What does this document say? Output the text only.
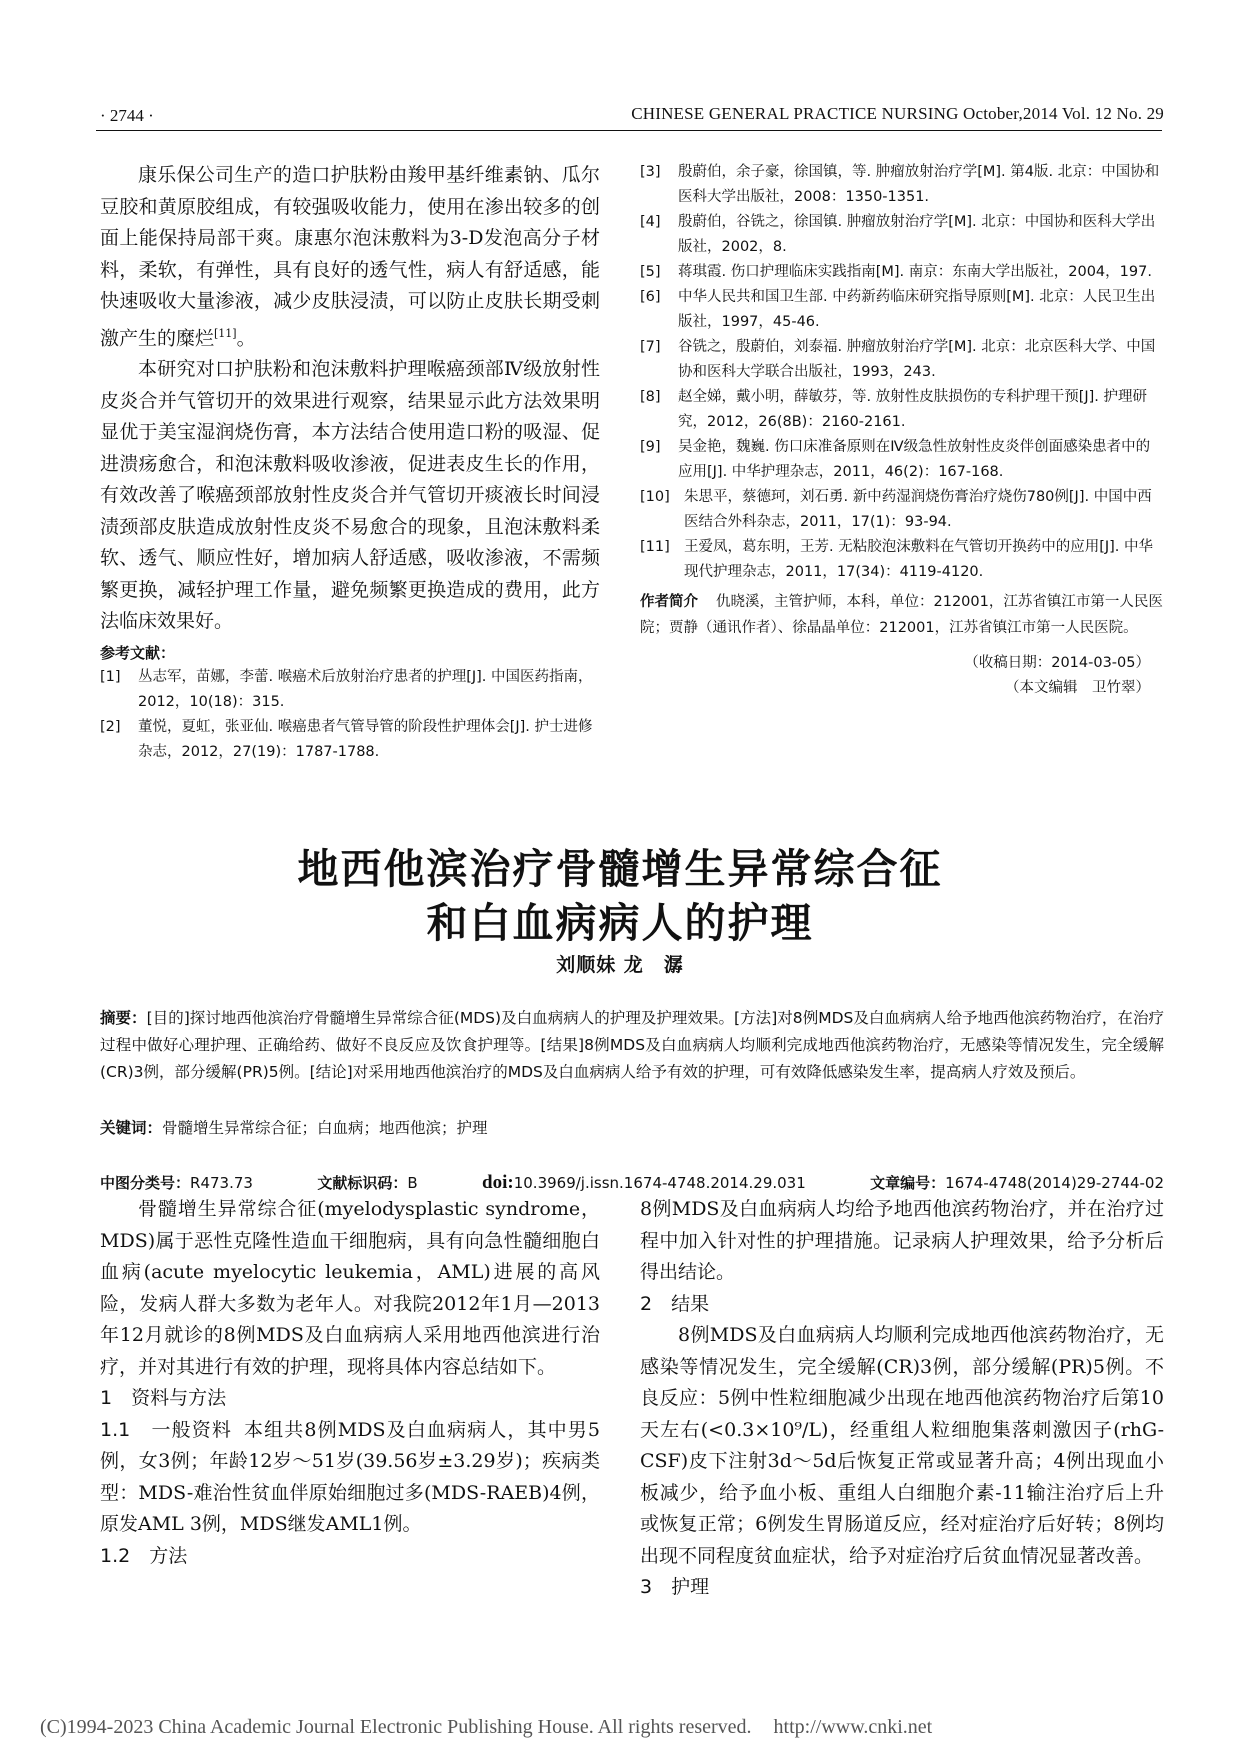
· 2744 ·	CHINESE GENERAL PRACTICE NURSING October,2014 Vol. 12 No. 29

康乐保公司生产的造口护肤粉由羧甲基纤维素钠、瓜尔豆胶和黄原胶组成，有较强吸收能力，使用在渗出较多的创面上能保持局部干爽。康惠尔泡沫敷料为3-D发泡高分子材料，柔软，有弹性，具有良好的透气性，病人有舒适感，能快速吸收大量渗液，减少皮肤浸渍，可以防止皮肤长期受刺激产生的糜烂[11]。

本研究对口护肤粉和泡沫敷料护理喉癌颈部Ⅳ级放射性皮炎合并气管切开的效果进行观察，结果显示此方法效果明显优于美宝湿润烧伤膏，本方法结合使用造口粉的吸湿、促进溃疡愈合，和泡沫敷料吸收渗液，促进表皮生长的作用，有效改善了喉癌颈部放射性皮炎合并气管切开痰液长时间浸渍颈部皮肤造成放射性皮炎不易愈合的现象，且泡沫敷料柔软、透气、顺应性好，增加病人舒适感，吸收渗液，不需频繁更换，减轻护理工作量，避免频繁更换造成的费用，此方法临床效果好。

参考文献：
[1]	丛志军，苗娜，李蕾. 喉癌术后放射治疗患者的护理[J]. 中国医药指南，2012，10(18)：315.
[2]	董悦，夏虹，张亚仙. 喉癌患者气管导管的阶段性护理体会[J]. 护士进修杂志，2012，27(19)：1787-1788.
[3]	殷蔚伯，余子豪，徐国镇，等. 肿瘤放射治疗学[M]. 第4版. 北京：中国协和医科大学出版社，2008：1350-1351.
[4]	殷蔚伯，谷铣之，徐国镇. 肿瘤放射治疗学[M]. 北京：中国协和医科大学出版社，2002，8.
[5]	蒋琪霞. 伤口护理临床实践指南[M]. 南京：东南大学出版社，2004，197.
[6]	中华人民共和国卫生部. 中药新药临床研究指导原则[M]. 北京：人民卫生出版社，1997，45-46.
[7]	谷铣之，殷蔚伯，刘泰福. 肿瘤放射治疗学[M]. 北京：北京医科大学、中国协和医科大学联合出版社，1993，243.
[8]	赵全娣，戴小明，薛敏芬，等. 放射性皮肤损伤的专科护理干预[J]. 护理研究，2012，26(8B)：2160-2161.
[9]	吴金艳，魏巍. 伤口床准备原则在Ⅳ级急性放射性皮炎伴创面感染患者中的应用[J]. 中华护理杂志，2011，46(2)：167-168.
[10] 朱思平，蔡德珂，刘石勇. 新中药湿润烧伤膏治疗烧伤780例[J]. 中国中西医结合外科杂志，2011，17(1)：93-94.
[11] 王爱凤，葛东明，王芳. 无粘胶泡沫敷料在气管切开换药中的应用[J]. 中华现代护理杂志，2011，17(34)：4119-4120.
作者简介 仇晓溪，主管护师，本科，单位：212001，江苏省镇江市第一人民医院；贾静（通讯作者）、徐晶晶单位：212001，江苏省镇江市第一人民医院。
（收稿日期：2014-03-05）
（本文编辑　卫竹翠）
地西他滨治疗骨髓增生异常综合征
和白血病病人的护理
刘顺妹 龙　潺
摘要：[目的]探讨地西他滨治疗骨髓增生异常综合征(MDS)及白血病病人的护理及护理效果。[方法]对8例MDS及白血病病人给予地西他滨药物治疗，在治疗过程中做好心理护理、正确给药、做好不良反应及饮食护理等。[结果]8例MDS及白血病病人均顺利完成地西他滨药物治疗，无感染等情况发生，完全缓解(CR)3例，部分缓解(PR)5例。[结论]对采用地西他滨治疗的MDS及白血病病人给予有效的护理，可有效降低感染发生率，提高病人疗效及预后。
关键词：骨髓增生异常综合征；白血病；地西他滨；护理
中图分类号：R473.73	文献标识码：B	doi:10.3969/j.issn.1674-4748.2014.29.031	文章编号：1674-4748(2014)29-2744-02

骨髓增生异常综合征(myelodysplastic syndrome，MDS)属于恶性克隆性造血干细胞病，具有向急性髓细胞白血病(acute myelocytic leukemia，AML)进展的高风险，发病人群大多数为老年人。对我院2012年1月—2013年12月就诊的8例MDS及白血病病人采用地西他滨进行治疗，并对其进行有效的护理，现将具体内容总结如下。

1　资料与方法

1.1　一般资料 本组共8例MDS及白血病病人，其中男5例，女3例；年龄12岁～51岁(39.56岁±3.29岁)；疾病类型：MDS-难治性贫血伴原始细胞过多(MDS-RAEB)4例，原发AML 3例，MDS继发AML1例。

1.2　方法

8例MDS及白血病病人均给予地西他滨药物治疗，并在治疗过程中加入针对性的护理措施。记录病人护理效果，给予分析后得出结论。

2　结果

8例MDS及白血病病人均顺利完成地西他滨药物治疗，无感染等情况发生，完全缓解(CR)3例，部分缓解(PR)5例。不良反应：5例中性粒细胞减少出现在地西他滨药物治疗后第10天左右(<0.3×10⁹/L)，经重组人粒细胞集落刺激因子(rhG-CSF)皮下注射3d～5d后恢复正常或显著升高；4例出现血小板减少，给予血小板、重组人白细胞介素-11输注治疗后上升或恢复正常；6例发生胃肠道反应，经对症治疗后好转；8例均出现不同程度贫血症状，给予对症治疗后贫血情况显著改善。

3　护理

(C)1994-2023 China Academic Journal Electronic Publishing House. All rights reserved. http://www.cnki.net
